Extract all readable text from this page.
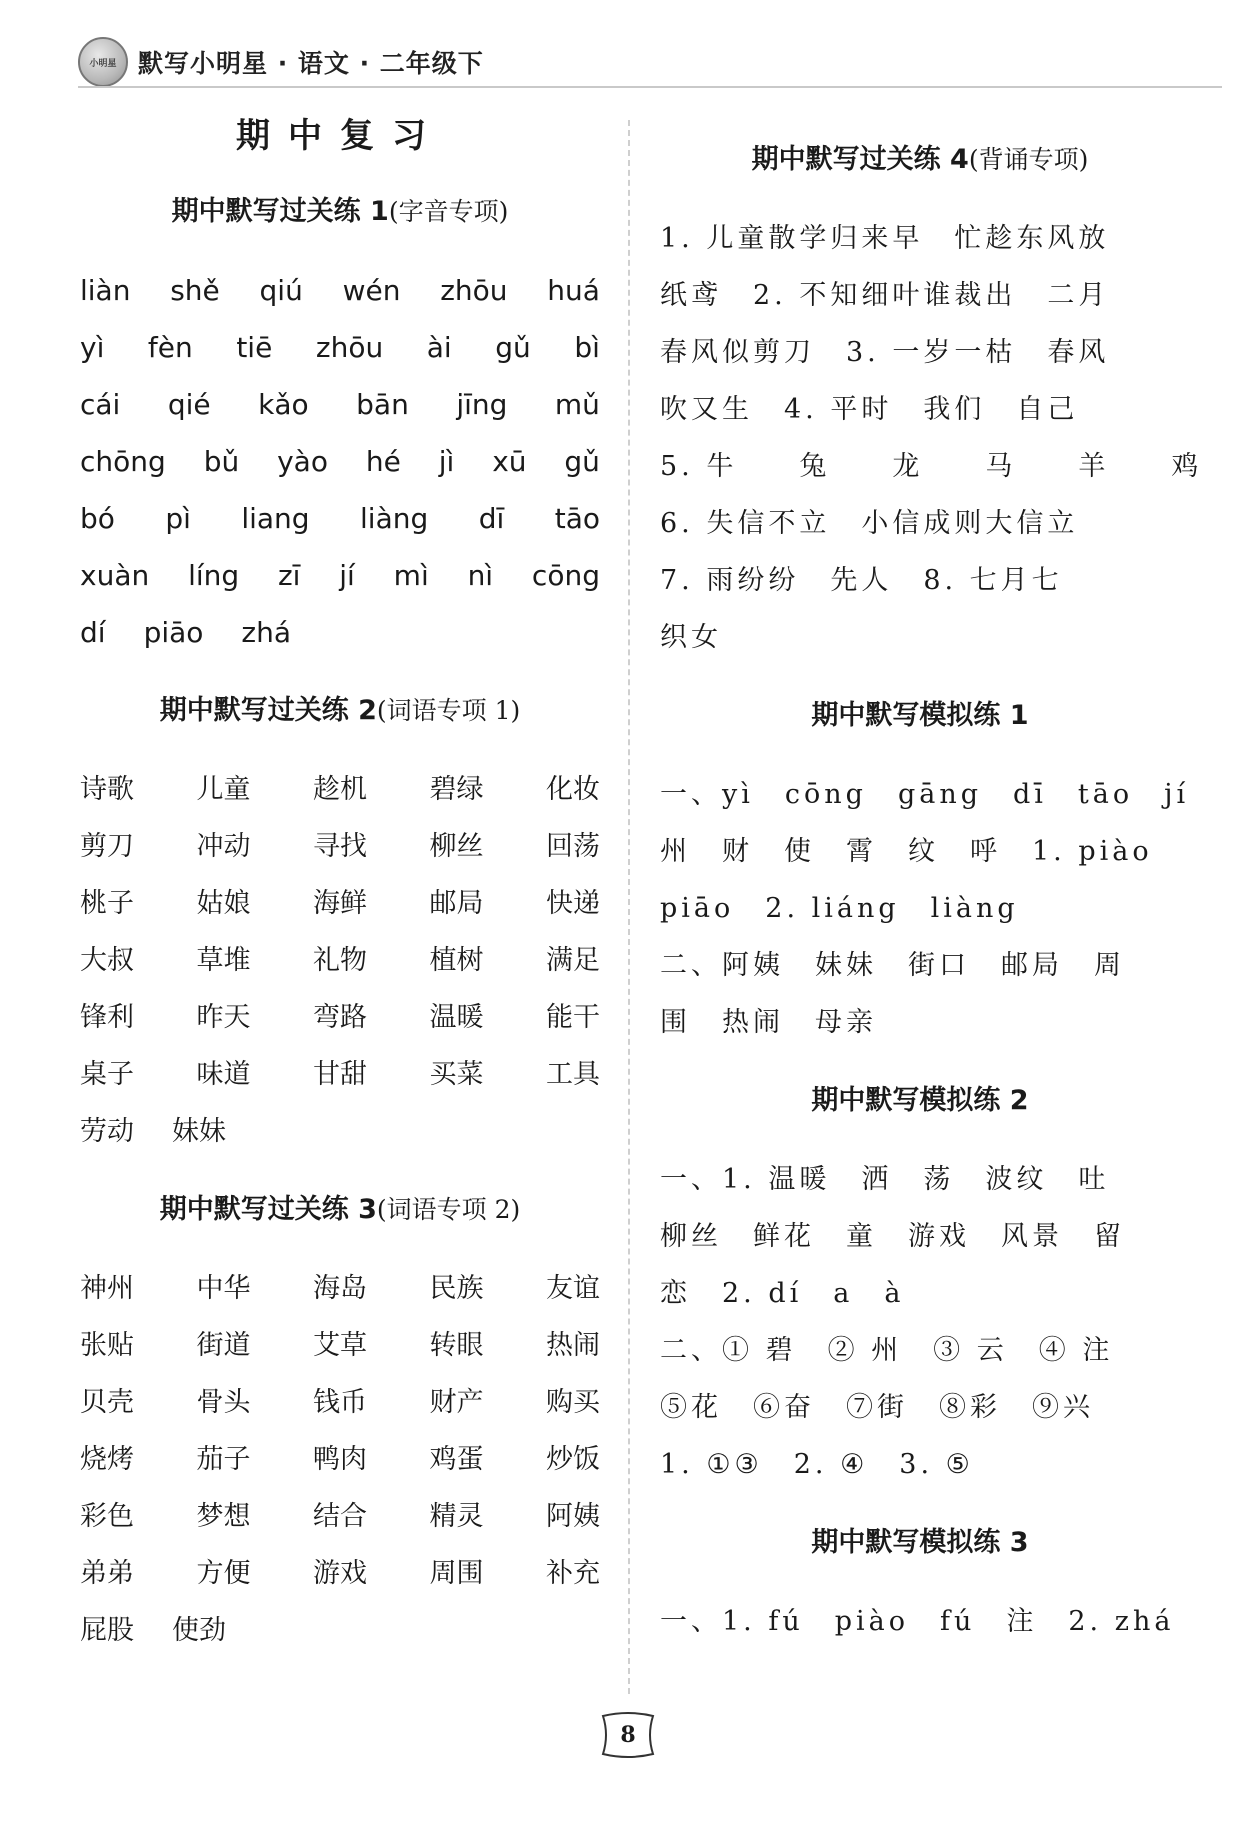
小明星 默写小明星 · 语文 · 二年级下
期中复习
期中默写过关练 1(字音专项)
liàn shě qiú wén zhōu huá
yì fèn tiē zhōu ài gǔ bì
cái qié kǎo bān jīng mǔ
chōng bǔ yào hé jì xū gǔ
bó pì liang liàng dī tāo
xuàn líng zī jí mì nì cōng
dí piāo zhá
期中默写过关练 2(词语专项 1)
诗歌 儿童 趁机 碧绿 化妆
剪刀 冲动 寻找 柳丝 回荡
桃子 姑娘 海鲜 邮局 快递
大叔 草堆 礼物 植树 满足
锋利 昨天 弯路 温暖 能干
桌子 味道 甘甜 买菜 工具
劳动 妹妹
期中默写过关练 3(词语专项 2)
神州 中华 海岛 民族 友谊
张贴 街道 艾草 转眼 热闹
贝壳 骨头 钱币 财产 购买
烧烤 茄子 鸭肉 鸡蛋 炒饭
彩色 梦想 结合 精灵 阿姨
弟弟 方便 游戏 周围 补充
屁股 使劲
期中默写过关练 4(背诵专项)
1. 儿童散学归来早　忙趁东风放
纸鸢　2. 不知细叶谁裁出　二月
春风似剪刀　3. 一岁一枯　春风
吹又生　4. 平时　我们　自己
5. 牛　　兔　　龙　　马　　羊　　鸡
6. 失信不立　小信成则大信立
7. 雨纷纷　先人　8. 七月七
织女
期中默写模拟练 1
一、yì　cōng　gāng　dī　tāo　jí
州　财　使　霄　纹　呼　1. piào
piāo　2. liáng　liàng
二、阿姨　妹妹　街口　邮局　周
围　热闹　母亲
期中默写模拟练 2
一、1. 温暖　洒　荡　波纹　吐
柳丝　鲜花　童　游戏　风景　留
恋　2. dí　a　à
二、① 碧　② 州　③ 云　④ 注
⑤花　⑥奋　⑦街　⑧彩　⑨兴
1. ①③　2. ④　3. ⑤
期中默写模拟练 3
一、1. fú　piào　fú　注　2. zhá
8
